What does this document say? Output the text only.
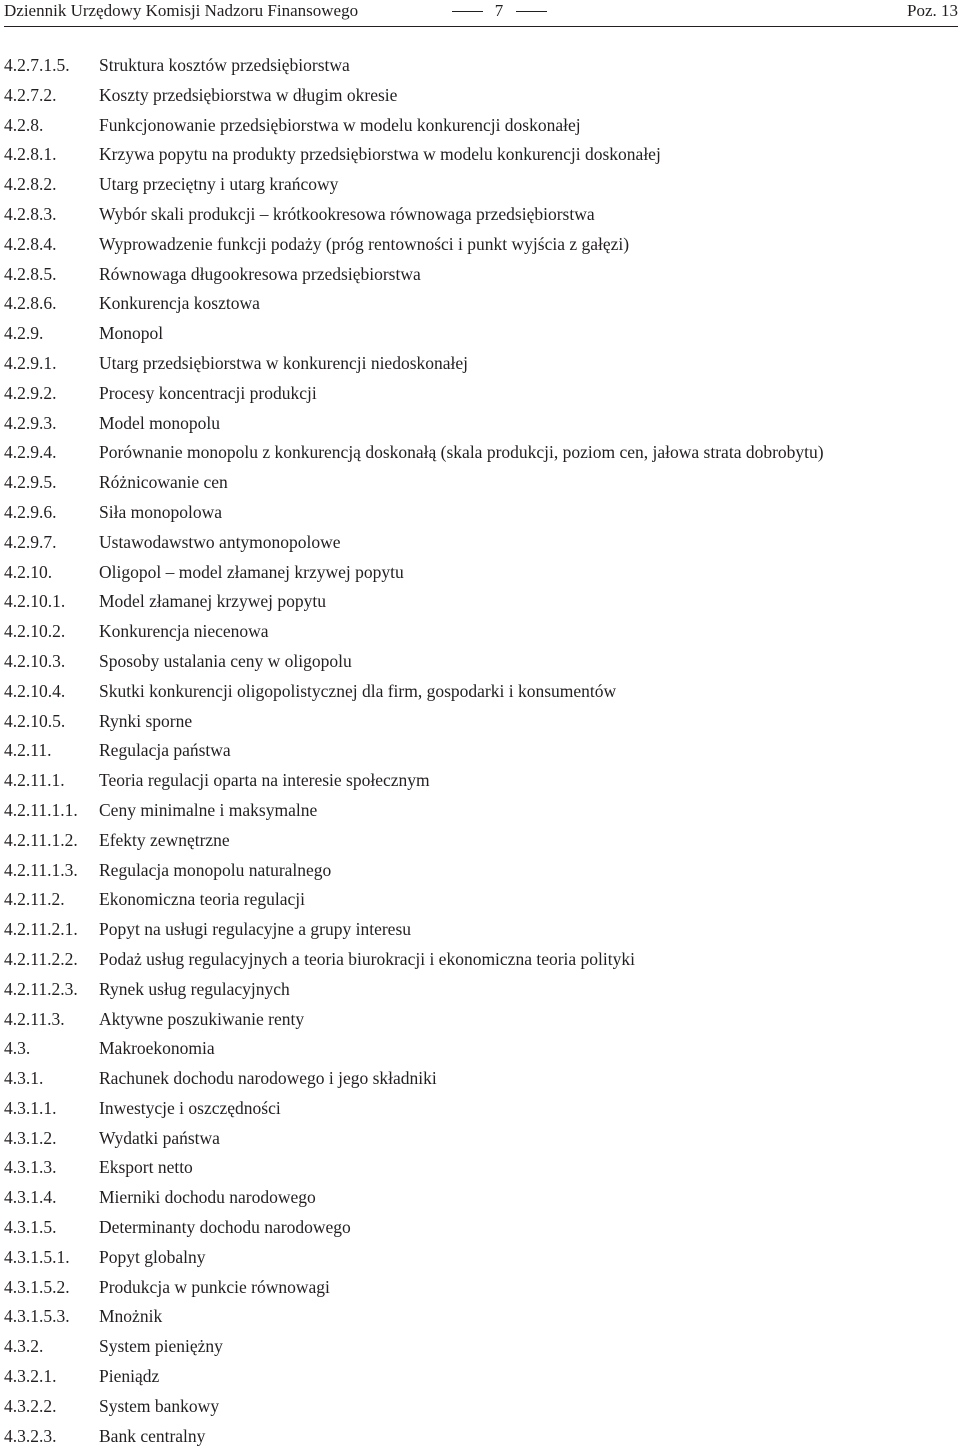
Dziennik Urzędowy Komisji Nadzoru Finansowego	7	Poz. 13
4.2.7.1.5. Struktura kosztów przedsiębiorstwa
4.2.7.2. Koszty przedsiębiorstwa w długim okresie
4.2.8.	Funkcjonowanie przedsiębiorstwa w modelu konkurencji doskonałej
4.2.8.1. Krzywa popytu na produkty przedsiębiorstwa w modelu konkurencji doskonałej
4.2.8.2. Utarg przeciętny i utarg krańcowy
4.2.8.3. Wybór skali produkcji – krótkookresowa równowaga przedsiębiorstwa
4.2.8.4. Wyprowadzenie funkcji podaży (próg rentowności i punkt wyjścia z gałęzi)
4.2.8.5. Równowaga długookresowa przedsiębiorstwa
4.2.8.6. Konkurencja kosztowa
4.2.9.	Monopol
4.2.9.1. Utarg przedsiębiorstwa w konkurencji niedoskonałej
4.2.9.2. Procesy koncentracji produkcji
4.2.9.3. Model monopolu
4.2.9.4. Porównanie monopolu z konkurencją doskonałą (skala produkcji, poziom cen, jałowa strata dobrobytu)
4.2.9.5. Różnicowanie cen
4.2.9.6. Siła monopolowa
4.2.9.7. Ustawodawstwo antymonopolowe
4.2.10.	Oligopol – model złamanej krzywej popytu
4.2.10.1. Model złamanej krzywej popytu
4.2.10.2. Konkurencja niecenowa
4.2.10.3. Sposoby ustalania ceny w oligopolu
4.2.10.4. Skutki konkurencji oligopolistycznej dla firm, gospodarki i konsumentów
4.2.10.5. Rynki sporne
4.2.11.	Regulacja państwa
4.2.11.1. Teoria regulacji oparta na interesie społecznym
4.2.11.1.1. Ceny minimalne i maksymalne
4.2.11.1.2. Efekty zewnętrzne
4.2.11.1.3. Regulacja monopolu naturalnego
4.2.11.2. Ekonomiczna teoria regulacji
4.2.11.2.1. Popyt na usługi regulacyjne a grupy interesu
4.2.11.2.2. Podaż usług regulacyjnych a teoria biurokracji i ekonomiczna teoria polityki
4.2.11.2.3. Rynek usług regulacyjnych
4.2.11.3. Aktywne poszukiwanie renty
4.3.	Makroekonomia
4.3.1.	Rachunek dochodu narodowego i jego składniki
4.3.1.1. Inwestycje i oszczędności
4.3.1.2. Wydatki państwa
4.3.1.3. Eksport netto
4.3.1.4. Mierniki dochodu narodowego
4.3.1.5. Determinanty dochodu narodowego
4.3.1.5.1. Popyt globalny
4.3.1.5.2. Produkcja w punkcie równowagi
4.3.1.5.3. Mnożnik
4.3.2.	System pieniężny
4.3.2.1. Pieniądz
4.3.2.2. System bankowy
4.3.2.3. Bank centralny
